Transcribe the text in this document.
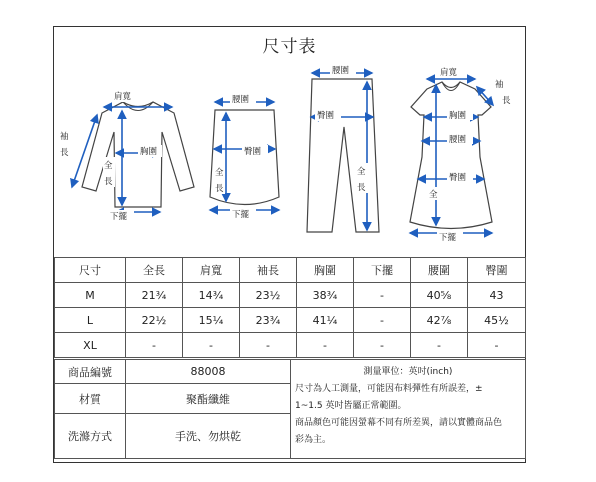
尺寸表
肩寬
袖
長	胸圍
全
長
下擺
腰圍
臀圍
全
長
下擺
腰圍
臀圍
全
長
肩寬
袖
長
胸圍
腰圍
臀圍
全
下擺
尺寸	全長	肩寬	袖長	胸圍	下擺	腰圍	臀圍
M	21¾	14¾	23½	38¾	-	40⅝	43
L	22½	15¼	23¾	41¼	-	42⅞	45½
XL	-	-	-	-	-	-	-
商品編號	88008	測量單位：英吋(inch)
尺寸為人工測量，可能因布料彈性有所誤差，±
1~1.5 英吋皆屬正常範圍。
商品顏色可能因螢幕不同有所差異，請以實體商品色
彩為主。

材質	聚酯纖維	
洗滌方式	手洗、勿烘乾	
